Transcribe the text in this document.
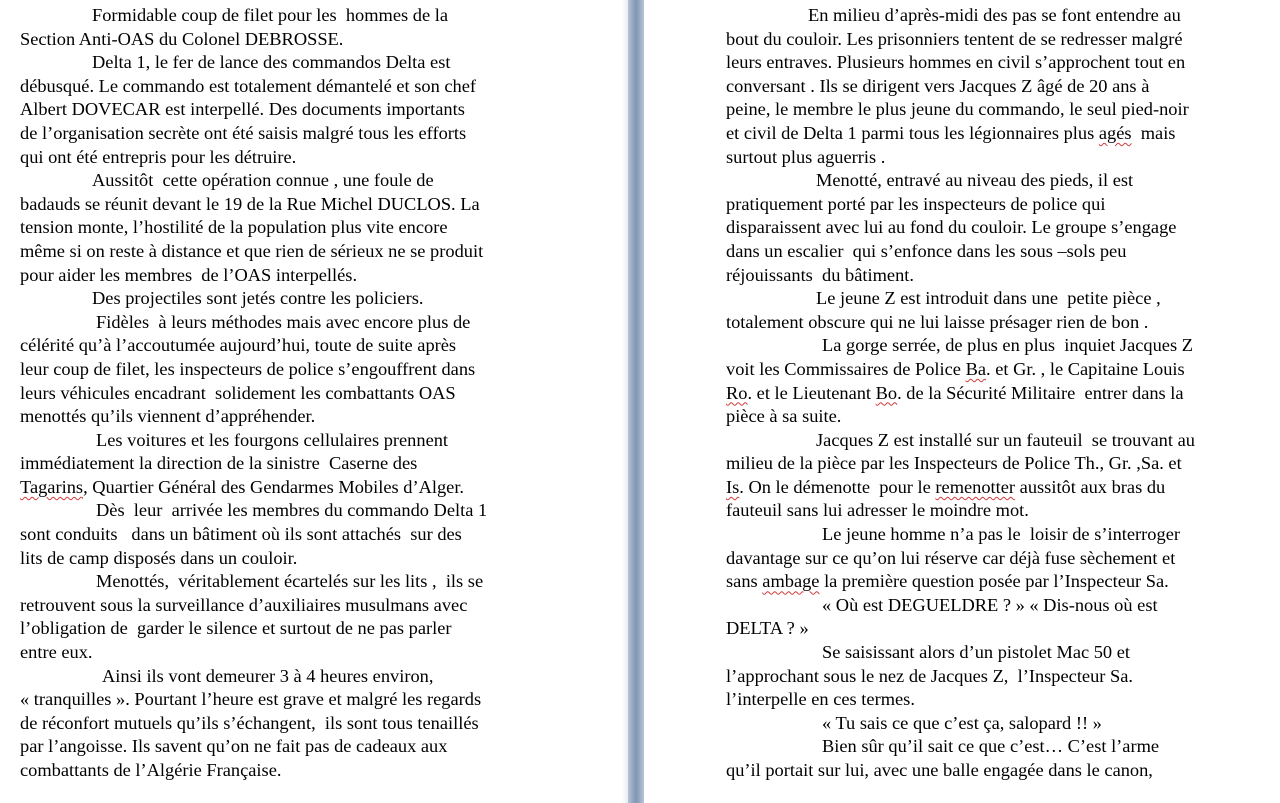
Formidable coup de filet pour les  hommes de la
Section Anti-OAS du Colonel DEBROSSE.
Delta 1, le fer de lance des commandos Delta est
débusqué. Le commando est totalement démantelé et son chef
Albert DOVECAR est interpellé. Des documents importants
de l’organisation secrète ont été saisis malgré tous les efforts
qui ont été entrepris pour les détruire.
Aussitôt  cette opération connue , une foule de
badauds se réunit devant le 19 de la Rue Michel DUCLOS. La
tension monte, l’hostilité de la population plus vite encore
même si on reste à distance et que rien de sérieux ne se produit
pour aider les membres  de l’OAS interpellés.
Des projectiles sont jetés contre les policiers.
Fidèles  à leurs méthodes mais avec encore plus de
célérité qu’à l’accoutumée aujourd’hui, toute de suite après
leur coup de filet, les inspecteurs de police s’engouffrent dans
leurs véhicules encadrant  solidement les combattants OAS
menottés qu’ils viennent d’appréhender.
Les voitures et les fourgons cellulaires prennent
immédiatement la direction de la sinistre  Caserne des
Tagarins, Quartier Général des Gendarmes Mobiles d’Alger.
Dès  leur  arrivée les membres du commando Delta 1
sont conduits   dans un bâtiment où ils sont attachés  sur des
lits de camp disposés dans un couloir.
Menottés,  véritablement écartelés sur les lits ,  ils se
retrouvent sous la surveillance d’auxiliaires musulmans avec
l’obligation de  garder le silence et surtout de ne pas parler
entre eux.
Ainsi ils vont demeurer 3 à 4 heures environ,
« tranquilles ». Pourtant l’heure est grave et malgré les regards
de réconfort mutuels qu’ils s’échangent,  ils sont tous tenaillés
par l’angoisse. Ils savent qu’on ne fait pas de cadeaux aux
combattants de l’Algérie Française.
En milieu d’après-midi des pas se font entendre au
bout du couloir. Les prisonniers tentent de se redresser malgré
leurs entraves. Plusieurs hommes en civil s’approchent tout en
conversant . Ils se dirigent vers Jacques Z âgé de 20 ans à
peine, le membre le plus jeune du commando, le seul pied-noir
et civil de Delta 1 parmi tous les légionnaires plus agés  mais
surtout plus aguerris .
Menotté, entravé au niveau des pieds, il est
pratiquement porté par les inspecteurs de police qui
disparaissent avec lui au fond du couloir. Le groupe s’engage
dans un escalier  qui s’enfonce dans les sous –sols peu
réjouissants  du bâtiment.
Le jeune Z est introduit dans une  petite pièce ,
totalement obscure qui ne lui laisse présager rien de bon .
La gorge serrée, de plus en plus  inquiet Jacques Z
voit les Commissaires de Police Ba. et Gr. , le Capitaine Louis
Ro. et le Lieutenant Bo. de la Sécurité Militaire  entrer dans la
pièce à sa suite.
Jacques Z est installé sur un fauteuil  se trouvant au
milieu de la pièce par les Inspecteurs de Police Th., Gr. ,Sa. et
Is. On le démenotte  pour le remenotter aussitôt aux bras du
fauteuil sans lui adresser le moindre mot.
Le jeune homme n’a pas le  loisir de s’interroger
davantage sur ce qu’on lui réserve car déjà fuse sèchement et
sans ambage la première question posée par l’Inspecteur Sa.
« Où est DEGUELDRE ? » « Dis-nous où est
DELTA ? »
Se saisissant alors d’un pistolet Mac 50 et
l’approchant sous le nez de Jacques Z,  l’Inspecteur Sa.
l’interpelle en ces termes.
« Tu sais ce que c’est ça, salopard !! »
Bien sûr qu’il sait ce que c’est… C’est l’arme
qu’il portait sur lui, avec une balle engagée dans le canon,
